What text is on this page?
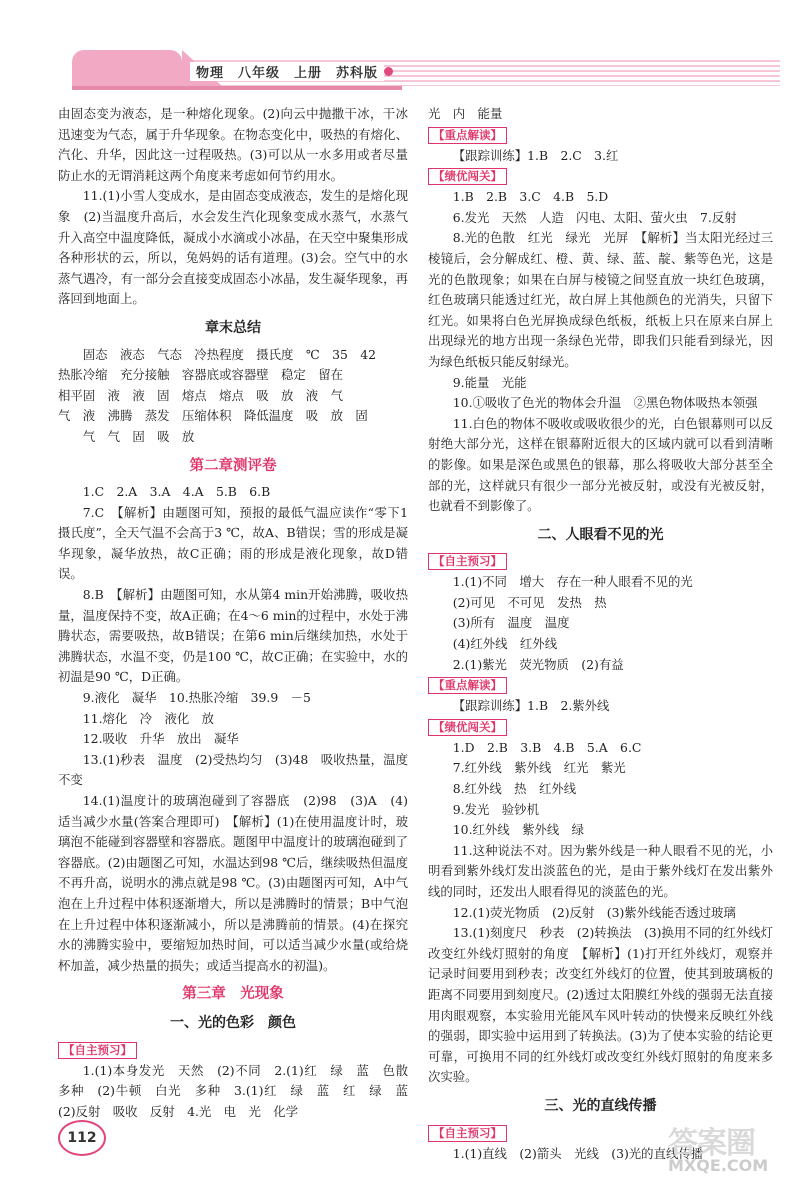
物理　八年级　上册　苏科版

由固态变为液态，是一种熔化现象。(2)向云中抛撒干冰，干冰迅速变为气态，属于升华现象。在物态变化中，吸热的有熔化、汽化、升华，因此这一过程吸热。(3)可以从一水多用或者尽量防止水的无谓消耗这两个角度来考虑如何节约用水。

11.(1)小雪人变成水，是由固态变成液态，发生的是熔化现象　(2)当温度升高后，水会发生汽化现象变成水蒸气，水蒸气升入高空中温度降低，凝成小水滴或小冰晶，在天空中聚集形成各种形状的云，所以，兔妈妈的话有道理。(3)会。空气中的水蒸气遇冷，有一部分会直接变成固态小冰晶，发生凝华现象，再落回到地面上。

章末总结

固态　液态　气态　冷热程度　摄氏度　℃　35　42

热胀冷缩　充分接触　容器底或容器壁　稳定　留在

相平固　液　液　固　熔点　熔点　吸　放　液　气

气　液　沸腾　蒸发　压缩体积　降低温度　吸　放　固

气　气　固　吸　放

第二章测评卷

1.C　2.A　3.A　4.A　5.B　6.B

7.C　【解析】由题图可知，预报的最低气温应读作“零下1摄氏度”，全天气温不会高于3 ℃，故A、B错误；雪的形成是凝华现象，凝华放热，故C正确；雨的形成是液化现象，故D错误。

8.B　【解析】由题图可知，水从第4 min开始沸腾，吸收热量，温度保持不变，故A正确；在4～6 min的过程中，水处于沸腾状态，需要吸热，故B错误；在第6 min后继续加热，水处于沸腾状态，水温不变，仍是100 ℃，故C正确；在实验中，水的初温是90 ℃，D正确。

9.液化　凝华　10.热胀冷缩　39.9　－5

11.熔化　冷　液化　放

12.吸收　升华　放出　凝华

13.(1)秒表　温度　(2)受热均匀　(3)48　吸收热量，温度不变

14.(1)温度计的玻璃泡碰到了容器底　(2)98　(3)A　(4)适当减少水量(答案合理即可)　【解析】(1)在使用温度计时，玻璃泡不能碰到容器壁和容器底。题图甲中温度计的玻璃泡碰到了容器底。(2)由题图乙可知，水温达到98 ℃后，继续吸热但温度不再升高，说明水的沸点就是98 ℃。(3)由题图丙可知，A中气泡在上升过程中体积逐渐增大，所以是沸腾时的情景；B中气泡在上升过程中体积逐渐减小，所以是沸腾前的情景。(4)在探究水的沸腾实验中，要缩短加热时间，可以适当减少水量(或给烧杯加盖，减少热量的损失；或适当提高水的初温)。

第三章　光现象

一、光的色彩　颜色

【自主预习】

1.(1)本身发光　天然　(2)不同　2.(1)红　绿　蓝　色散　多种　(2)牛顿　白光　多种　3.(1)红　绿　蓝　红　绿　蓝　(2)反射　吸收　反射　4.光　电　光　化学

光　内　能量

【重点解读】

【跟踪训练】1.B　2.C　3.红

【绩优闯关】

1.B　2.B　3.C　4.B　5.D

6.发光　天然　人造　闪电、太阳、萤火虫　7.反射

8.光的色散　红光　绿光　光屏　【解析】当太阳光经过三棱镜后，会分解成红、橙、黄、绿、蓝、靛、紫等色光，这是光的色散现象；如果在白屏与棱镜之间竖直放一块红色玻璃，红色玻璃只能透过红光，故白屏上其他颜色的光消失，只留下红光。如果将白色光屏换成绿色纸板，纸板上只在原来白屏上出现绿光的地方出现一条绿色光带，即我们只能看到绿光，因为绿色纸板只能反射绿光。

9.能量　光能

10.①吸收了色光的物体会升温　②黑色物体吸热本领强

11.白色的物体不吸收或吸收很少的光，白色银幕则可以反射绝大部分光，这样在银幕附近很大的区域内就可以看到清晰的影像。如果是深色或黑色的银幕，那么将吸收大部分甚至全部的光，这样就只有很少一部分光被反射，或没有光被反射，也就看不到影像了。

二、人眼看不见的光

【自主预习】

1.(1)不同　增大　存在一种人眼看不见的光

(2)可见　不可见　发热　热

(3)所有　温度　温度

(4)红外线　红外线

2.(1)紫光　荧光物质　(2)有益

【重点解读】

【跟踪训练】1.B　2.紫外线

【绩优闯关】

1.D　2.B　3.B　4.B　5.A　6.C

7.红外线　紫外线　红光　紫光

8.红外线　热　红外线

9.发光　验钞机

10.红外线　紫外线　绿

11.这种说法不对。因为紫外线是一种人眼看不见的光，小明看到紫外线灯发出淡蓝色的光，是由于紫外线灯在发出紫外线的同时，还发出人眼看得见的淡蓝色的光。

12.(1)荧光物质　(2)反射　(3)紫外线能否透过玻璃

13.(1)刻度尺　秒表　(2)转换法　(3)换用不同的红外线灯　改变红外线灯照射的角度　【解析】(1)打开红外线灯，观察并记录时间要用到秒表；改变红外线灯的位置，使其到玻璃板的距离不同要用到刻度尺。(2)透过太阳膜红外线的强弱无法直接用肉眼观察，本实验用光能风车风叶转动的快慢来反映红外线的强弱，即实验中运用到了转换法。(3)为了使本实验的结论更可靠，可换用不同的红外线灯或改变红外线灯照射的角度来多次实验。

三、光的直线传播

【自主预习】

1.(1)直线　(2)箭头　光线　(3)光的直线传播

112	答案圈
MXQE.COM
